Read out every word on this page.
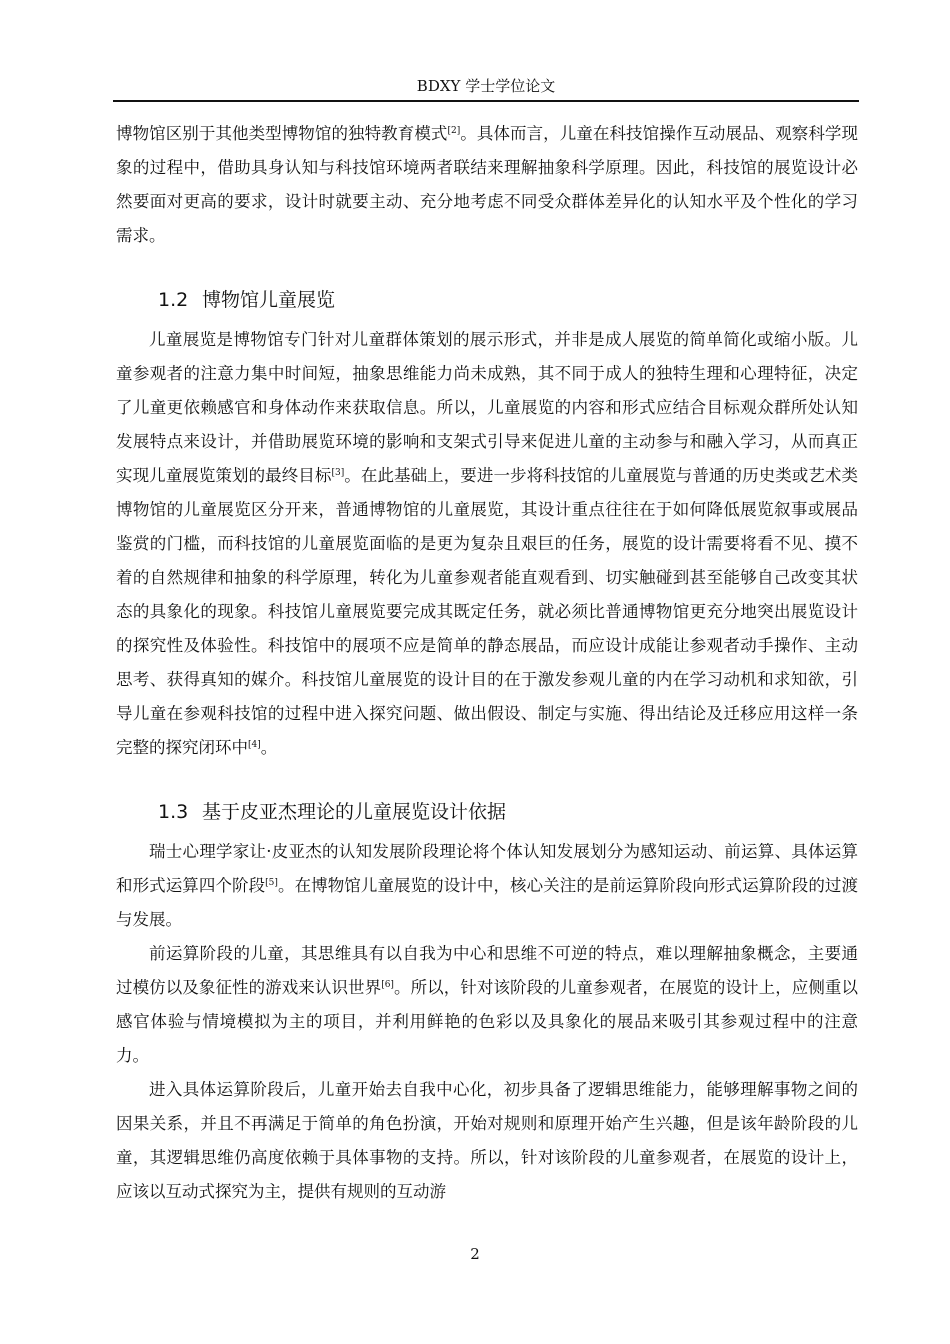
BDXY 学士学位论文

博物馆区别于其他类型博物馆的独特教育模式[2]。具体而言，儿童在科技馆操作互动展品、观察科学现象的过程中，借助具身认知与科技馆环境两者联结来理解抽象科学原理。因此，科技馆的展览设计必然要面对更高的要求，设计时就要主动、充分地考虑不同受众群体差异化的认知水平及个性化的学习需求。

1.2 博物馆儿童展览

儿童展览是博物馆专门针对儿童群体策划的展示形式，并非是成人展览的简单简化或缩小版。儿童参观者的注意力集中时间短，抽象思维能力尚未成熟，其不同于成人的独特生理和心理特征，决定了儿童更依赖感官和身体动作来获取信息。所以，儿童展览的内容和形式应结合目标观众群所处认知发展特点来设计，并借助展览环境的影响和支架式引导来促进儿童的主动参与和融入学习，从而真正实现儿童展览策划的最终目标[3]。在此基础上，要进一步将科技馆的儿童展览与普通的历史类或艺术类博物馆的儿童展览区分开来，普通博物馆的儿童展览，其设计重点往往在于如何降低展览叙事或展品鉴赏的门槛，而科技馆的儿童展览面临的是更为复杂且艰巨的任务，展览的设计需要将看不见、摸不着的自然规律和抽象的科学原理，转化为儿童参观者能直观看到、切实触碰到甚至能够自己改变其状态的具象化的现象。科技馆儿童展览要完成其既定任务，就必须比普通博物馆更充分地突出展览设计的探究性及体验性。科技馆中的展项不应是简单的静态展品，而应设计成能让参观者动手操作、主动思考、获得真知的媒介。科技馆儿童展览的设计目的在于激发参观儿童的内在学习动机和求知欲，引导儿童在参观科技馆的过程中进入探究问题、做出假设、制定与实施、得出结论及迁移应用这样一条完整的探究闭环中[4]。

1.3 基于皮亚杰理论的儿童展览设计依据

瑞士心理学家让·皮亚杰的认知发展阶段理论将个体认知发展划分为感知运动、前运算、具体运算和形式运算四个阶段[5]。在博物馆儿童展览的设计中，核心关注的是前运算阶段向形式运算阶段的过渡与发展。

前运算阶段的儿童，其思维具有以自我为中心和思维不可逆的特点，难以理解抽象概念，主要通过模仿以及象征性的游戏来认识世界[6]。所以，针对该阶段的儿童参观者，在展览的设计上，应侧重以感官体验与情境模拟为主的项目，并利用鲜艳的色彩以及具象化的展品来吸引其参观过程中的注意力。

进入具体运算阶段后，儿童开始去自我中心化，初步具备了逻辑思维能力，能够理解事物之间的因果关系，并且不再满足于简单的角色扮演，开始对规则和原理开始产生兴趣，但是该年龄阶段的儿童，其逻辑思维仍高度依赖于具体事物的支持。所以，针对该阶段的儿童参观者，在展览的设计上，应该以互动式探究为主，提供有规则的互动游

2
